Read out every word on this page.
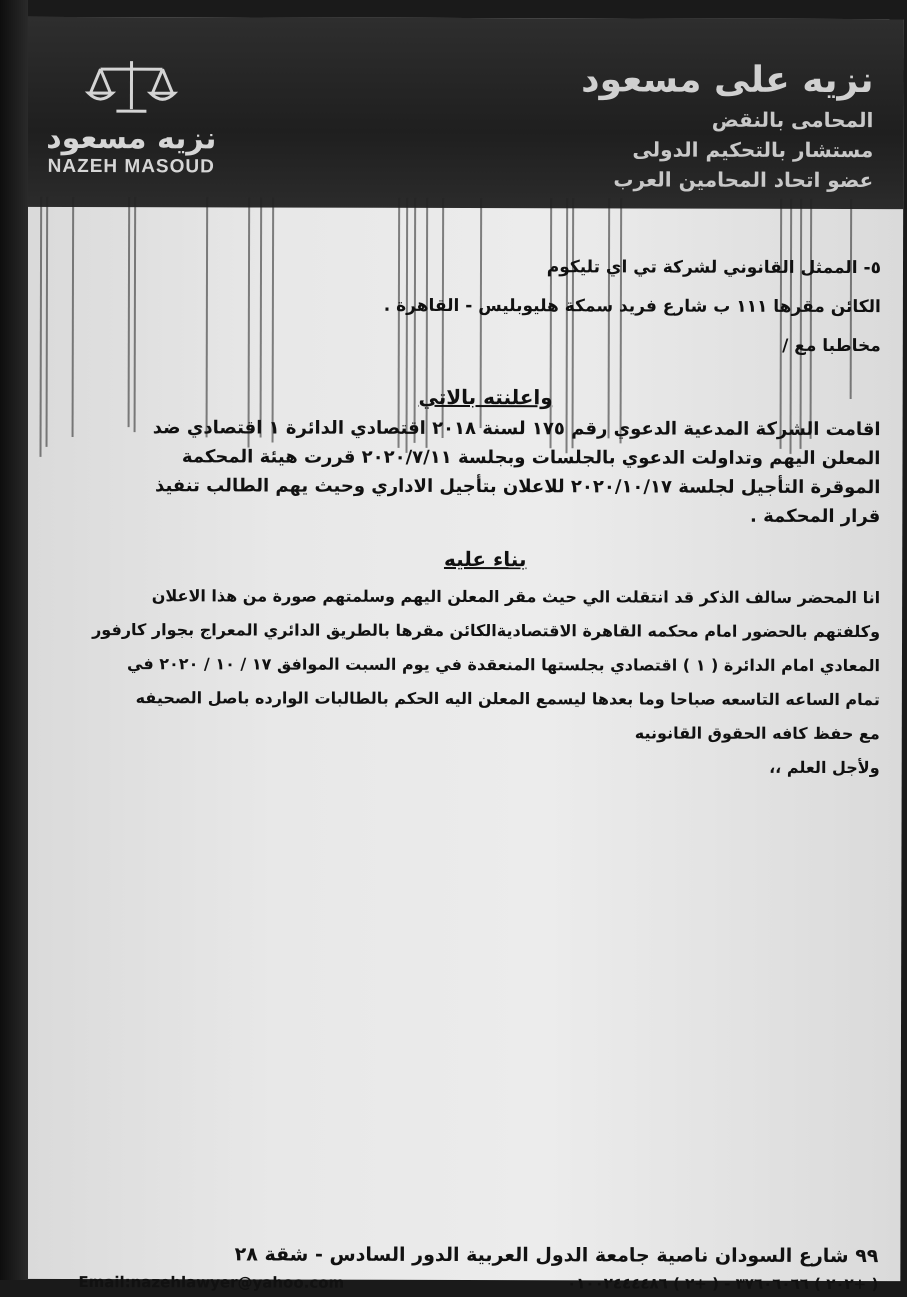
نزيه مسعود
NAZEH MASOUD
نزيه على مسعود
المحامى بالنقض
مستشار بالتحكيم الدولى
عضو اتحاد المحامين العرب
٥- الممثل القانوني لشركة تي اي تليكوم
الكائن مقرها ١١١ ب شارع فريد سمكة هليوبليس - القاهرة .
مخاطبا مع /
واعلنته بالاتي
اقامت الشركة المدعية الدعوي رقم ١٧٥ لسنة ٢٠١٨ اقتصادي الدائرة ١ اقتصادي ضد
المعلن اليهم وتداولت الدعوي بالجلسات وبجلسة ٢٠٢٠/٧/١١ قررت هيئة المحكمة
الموقرة التأجيل لجلسة ٢٠٢٠/١٠/١٧ للاعلان بتأجيل الاداري وحيث يهم الطالب تنفيذ
قرار المحكمة .
بناء عليه
انا المحضر سالف الذكر قد انتقلت الي حيث مقر المعلن اليهم وسلمتهم صورة من هذا الاعلان
وكلفتهم بالحضور امام محكمه القاهرة الاقتصاديةالكائن مقرها بالطريق الدائري المعراج بجوار كارفور
المعادي امام الدائرة ( ١ ) اقتصادي بجلستها المنعقدة في يوم السبت الموافق ١٧ / ١٠ / ٢٠٢٠ في
تمام الساعه التاسعه صباحا وما بعدها ليسمع المعلن اليه الحكم بالطالبات الوارده باصل الصحيفه
مع حفظ كافه الحقوق القانونيه
ولأجل العلم ،،
٩٩ شارع السودان ناصية جامعة الدول العربية الدور السادس - شقة ٢٨
Email:nazehlawyer@yahoo.com	( +٢٠٢ ) ٣٧٦٠٦٠٦٦ - ( +٢ ) ٠١٠٠٢٤٤٤٤٨٦
